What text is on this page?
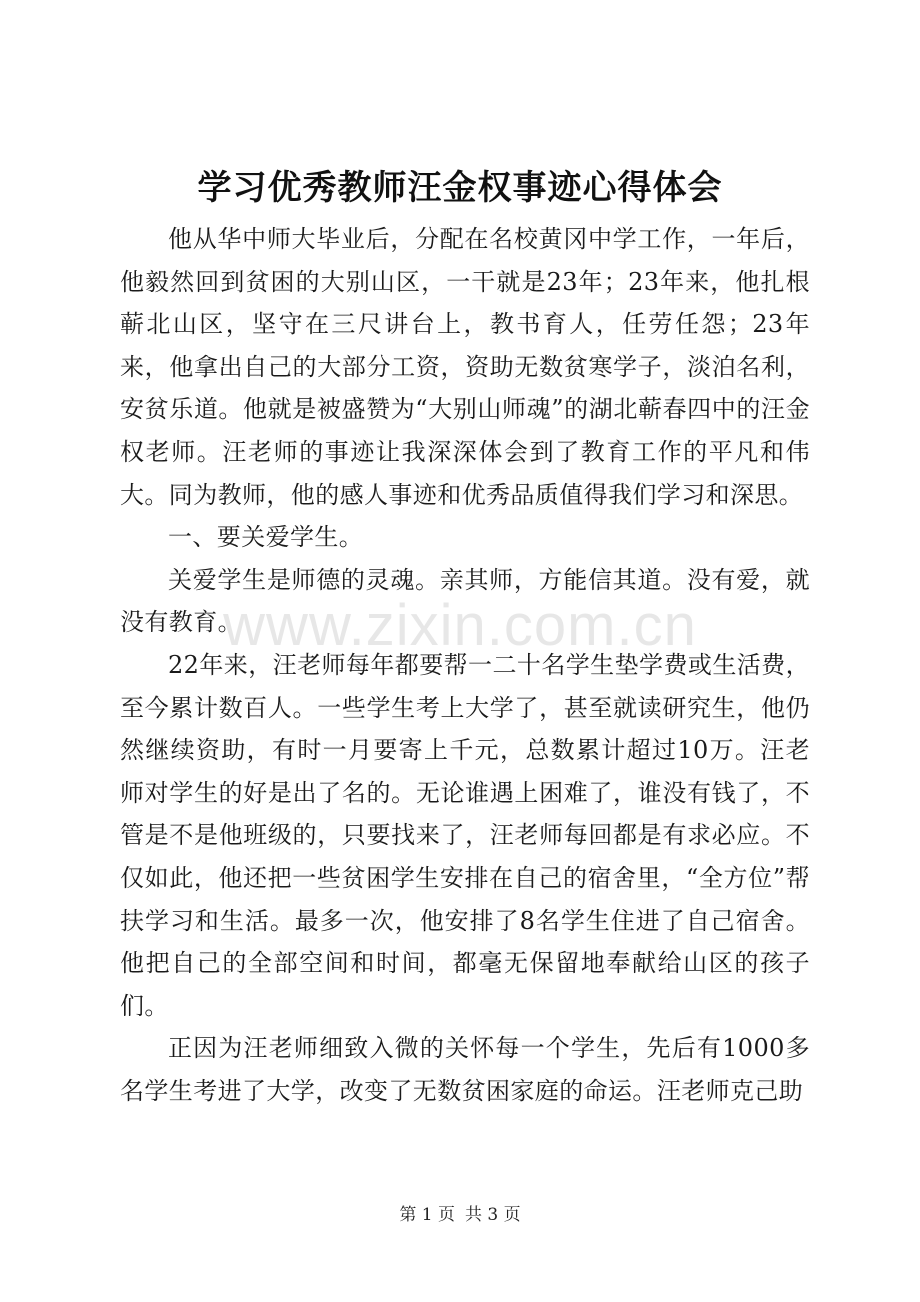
学习优秀教师汪金权事迹心得体会

他从华中师大毕业后，分配在名校黄冈中学工作，一年后，他毅然回到贫困的大别山区，一干就是23年；23年来，他扎根蕲北山区，坚守在三尺讲台上，教书育人，任劳任怨；23年来，他拿出自己的大部分工资，资助无数贫寒学子，淡泊名利，安贫乐道。他就是被盛赞为“大别山师魂”的湖北蕲春四中的汪金权老师。汪老师的事迹让我深深体会到了教育工作的平凡和伟大。同为教师，他的感人事迹和优秀品质值得我们学习和深思。

一、要关爱学生。

关爱学生是师德的灵魂。亲其师，方能信其道。没有爱，就没有教育。

22年来，汪老师每年都要帮一二十名学生垫学费或生活费，至今累计数百人。一些学生考上大学了，甚至就读研究生，他仍然继续资助，有时一月要寄上千元，总数累计超过10万。汪老师对学生的好是出了名的。无论谁遇上困难了，谁没有钱了，不管是不是他班级的，只要找来了，汪老师每回都是有求必应。不仅如此，他还把一些贫困学生安排在自己的宿舍里，“全方位”帮扶学习和生活。最多一次，他安排了8名学生住进了自己宿舍。他把自己的全部空间和时间，都毫无保留地奉献给山区的孩子们。

正因为汪老师细致入微的关怀每一个学生，先后有1000多名学生考进了大学，改变了无数贫困家庭的命运。汪老师克己助

www.zixin.com.cn
第 1 页 共 3 页
